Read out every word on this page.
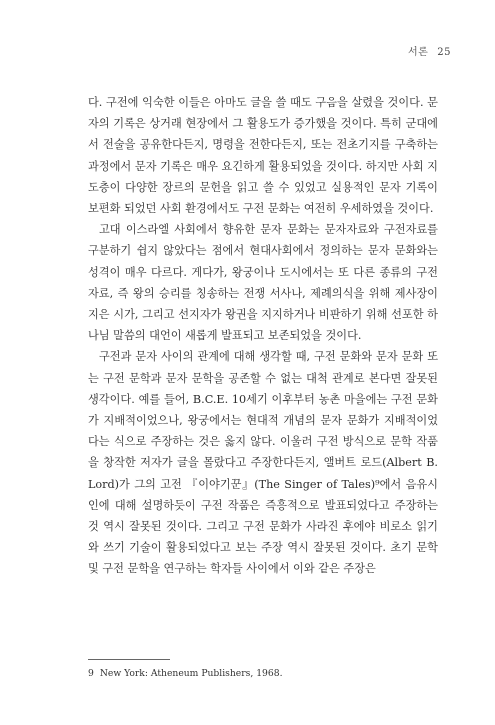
서론 25

다. 구전에 익숙한 이들은 아마도 글을 쓸 때도 구음을 살렸을 것이다. 문자의 기록은 상거래 현장에서 그 활용도가 증가했을 것이다. 특히 군대에서 전술을 공유한다든지, 명령을 전한다든지, 또는 전초기지를 구축하는 과정에서 문자 기록은 매우 요긴하게 활용되었을 것이다. 하지만 사회 지도층이 다양한 장르의 문헌을 읽고 쓸 수 있었고 실용적인 문자 기록이 보편화 되었던 사회 환경에서도 구전 문화는 여전히 우세하였을 것이다.

고대 이스라엘 사회에서 향유한 문자 문화는 문자자료와 구전자료를 구분하기 쉽지 않았다는 점에서 현대사회에서 정의하는 문자 문화와는 성격이 매우 다르다. 게다가, 왕궁이나 도시에서는 또 다른 종류의 구전자료, 즉 왕의 승리를 칭송하는 전쟁 서사나, 제례의식을 위해 제사장이 지은 시가, 그리고 선지자가 왕권을 지지하거나 비판하기 위해 선포한 하나님 말씀의 대언이 새롭게 발표되고 보존되었을 것이다.

구전과 문자 사이의 관계에 대해 생각할 때, 구전 문화와 문자 문화 또는 구전 문학과 문자 문학을 공존할 수 없는 대척 관계로 본다면 잘못된 생각이다. 예를 들어, B.C.E. 10세기 이후부터 농촌 마을에는 구전 문화가 지배적이었으나, 왕궁에서는 현대적 개념의 문자 문화가 지배적이었다는 식으로 주장하는 것은 옳지 않다. 이울러 구전 방식으로 문학 작품을 창작한 저자가 글을 몰랐다고 주장한다든지, 앨버트 로드(Albert B. Lord)가 그의 고전 『이야기꾼』(The Singer of Tales)⁹에서 음유시인에 대해 설명하듯이 구전 작품은 즉흥적으로 발표되었다고 주장하는 것 역시 잘못된 것이다. 그리고 구전 문화가 사라진 후에야 비로소 읽기와 쓰기 기술이 활용되었다고 보는 주장 역시 잘못된 것이다. 초기 문학 및 구전 문학을 연구하는 학자들 사이에서 이와 같은 주장은

9 New York: Atheneum Publishers, 1968.
